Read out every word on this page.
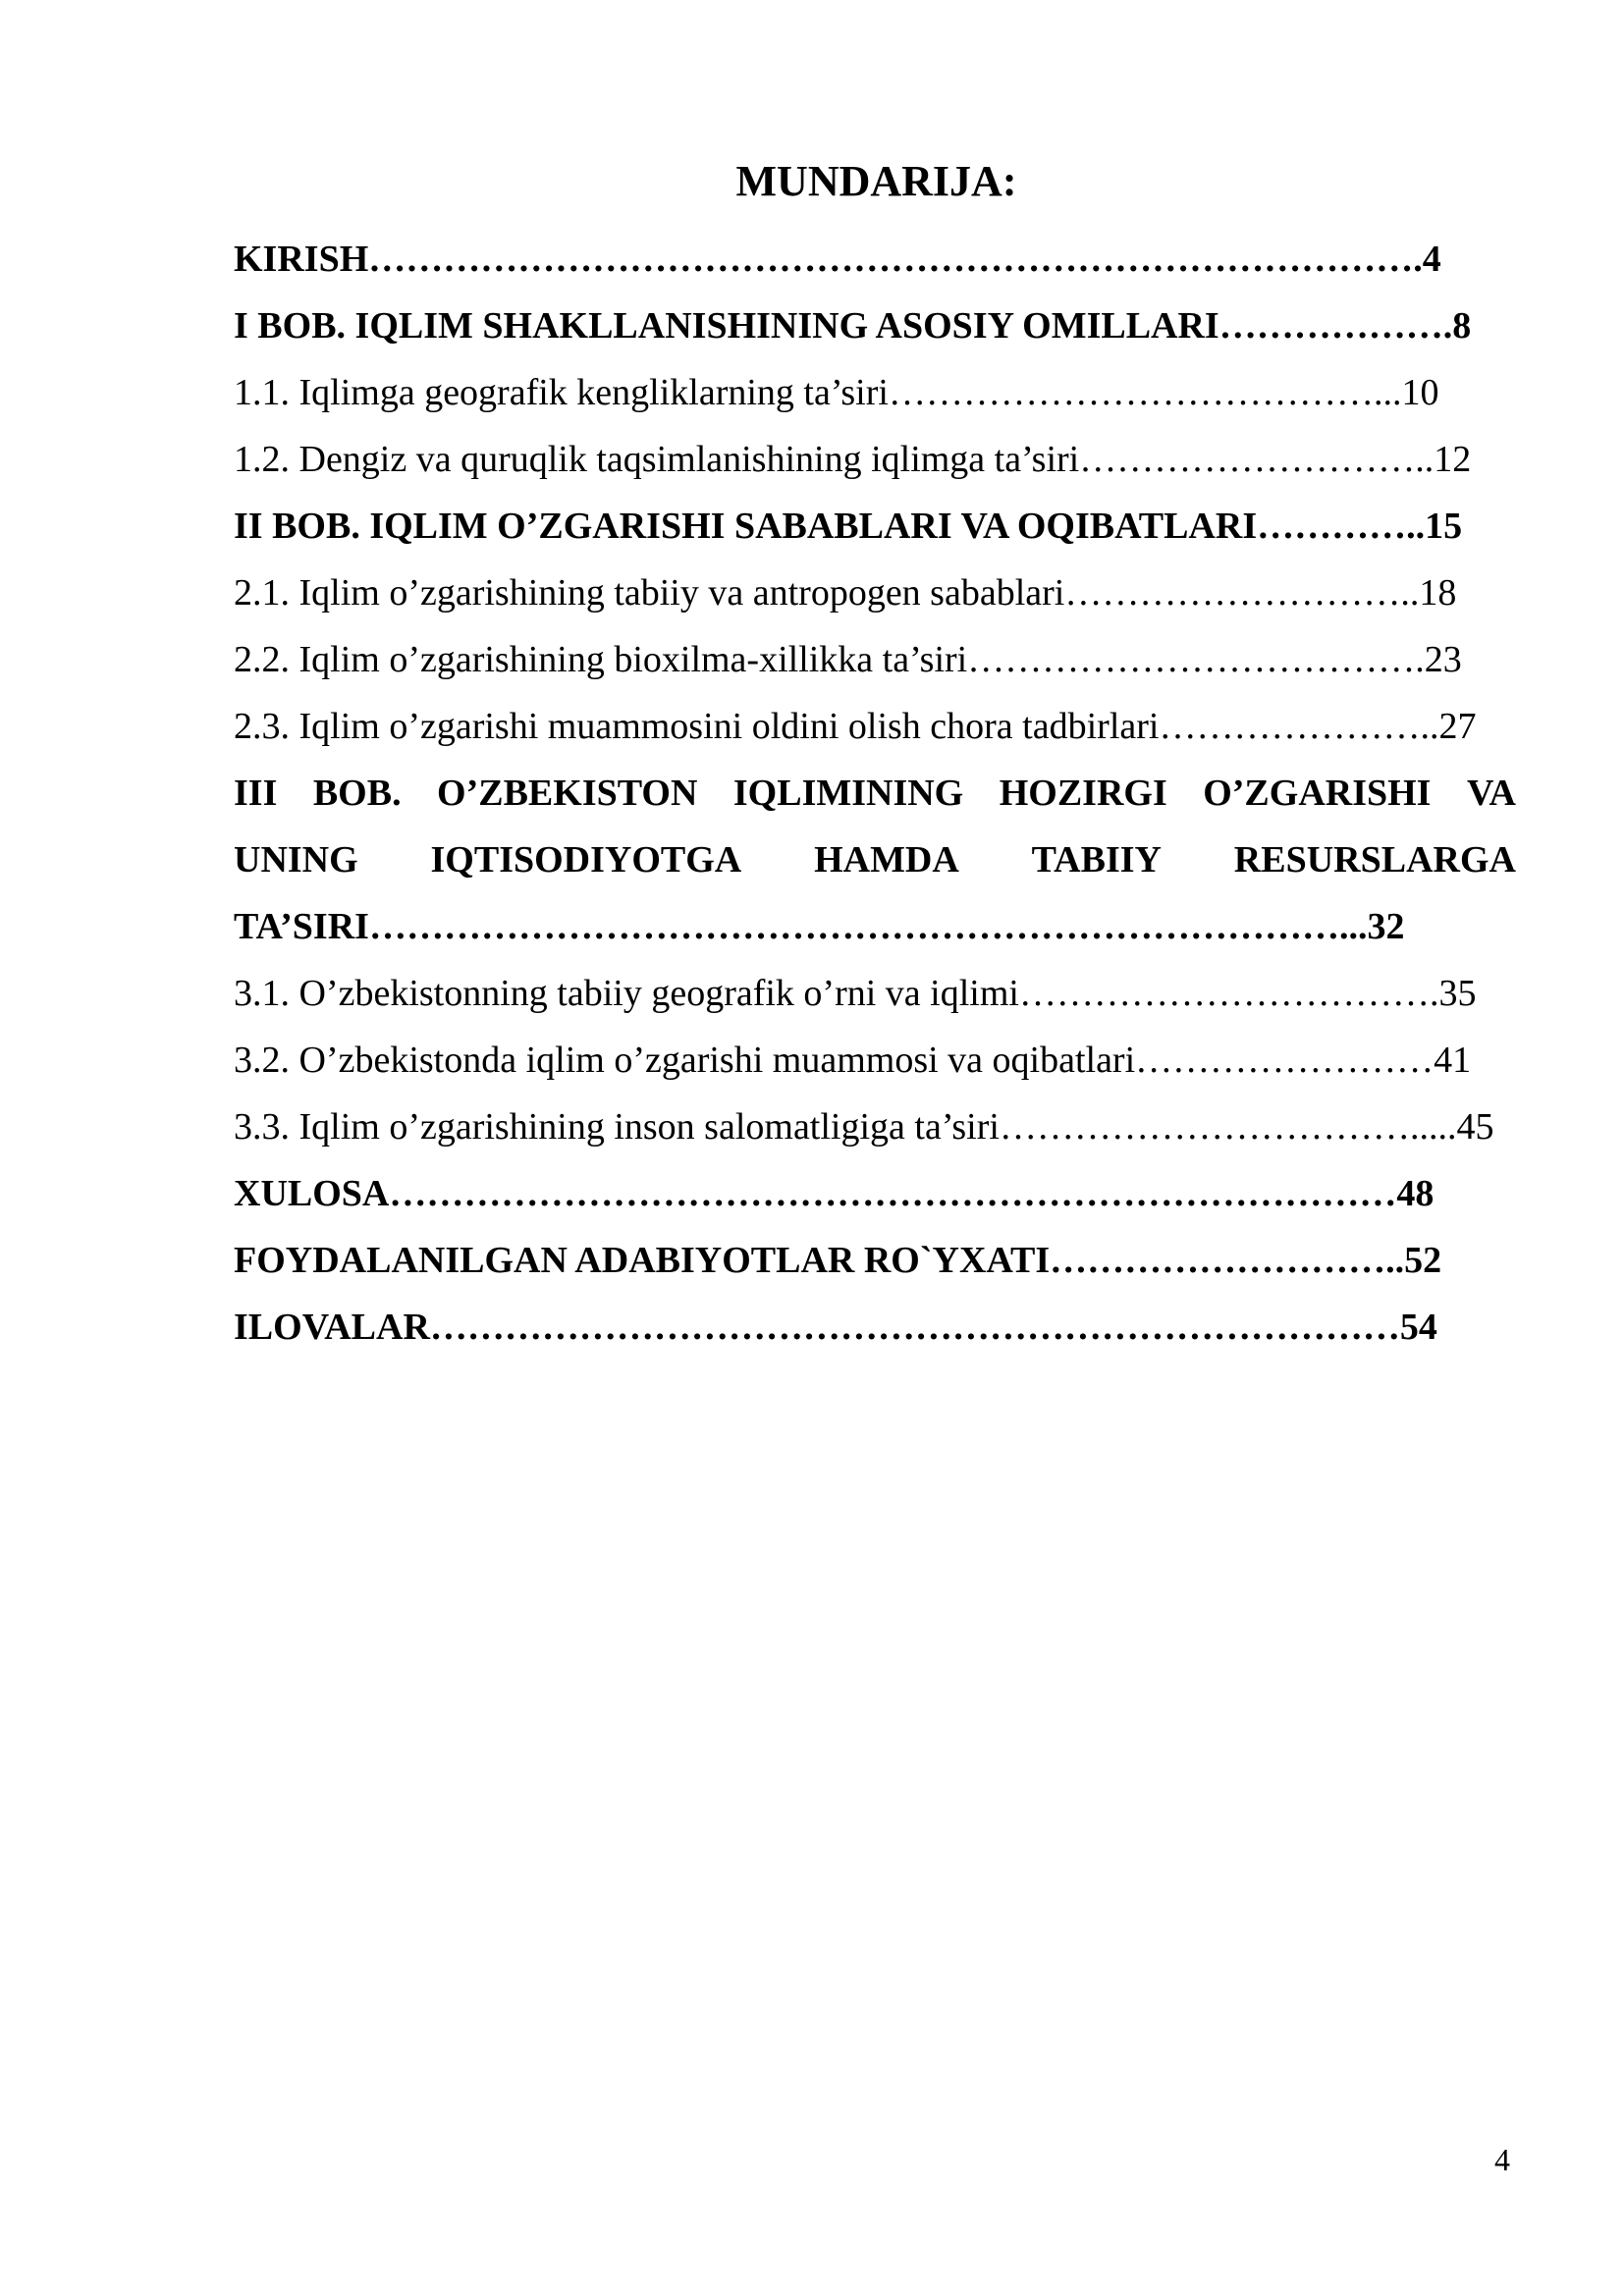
MUNDARIJA:
KIRISH………………………………………………………………………….4
I BOB. IQLIM SHAKLLANISHINING ASOSIY OMILLARI……………….8
1.1. Iqlimga geografik kengliklarning ta’siri…………………………………...10
1.2. Dengiz va quruqlik taqsimlanishining iqlimga ta’siri………………………..12
II BOB. IQLIM O’ZGARISHI SABABLARI VA OQIBATLARI…………..15
2.1. Iqlim o’zgarishining tabiiy va antropogen sabablari………………………..18
2.2. Iqlim o’zgarishining bioxilma-xillikka ta’siri……………………………….23
2.3. Iqlim o’zgarishi muammosini oldini olish chora tadbirlari…………………..27
III BOB. O’ZBEKISTON IQLIMINING HOZIRGI O’ZGARISHI VA
UNING IQTISODIYOTGA HAMDA TABIIY RESURSLARGA
TA’SIRI……………………………………………………………………...32
3.1. O’zbekistonning tabiiy geografik o’rni va iqlimi…………………………….35
3.2. O’zbekistonda iqlim o’zgarishi muammosi va oqibatlari……………………41
3.3. Iqlim o’zgarishining inson salomatligiga ta’siri…………………………….....45
XULOSA………………………………………………………………………48
FOYDALANILGAN ADABIYOTLAR RO`YXATI………………………..52
ILOVALAR……………………………………………………………………54
4
